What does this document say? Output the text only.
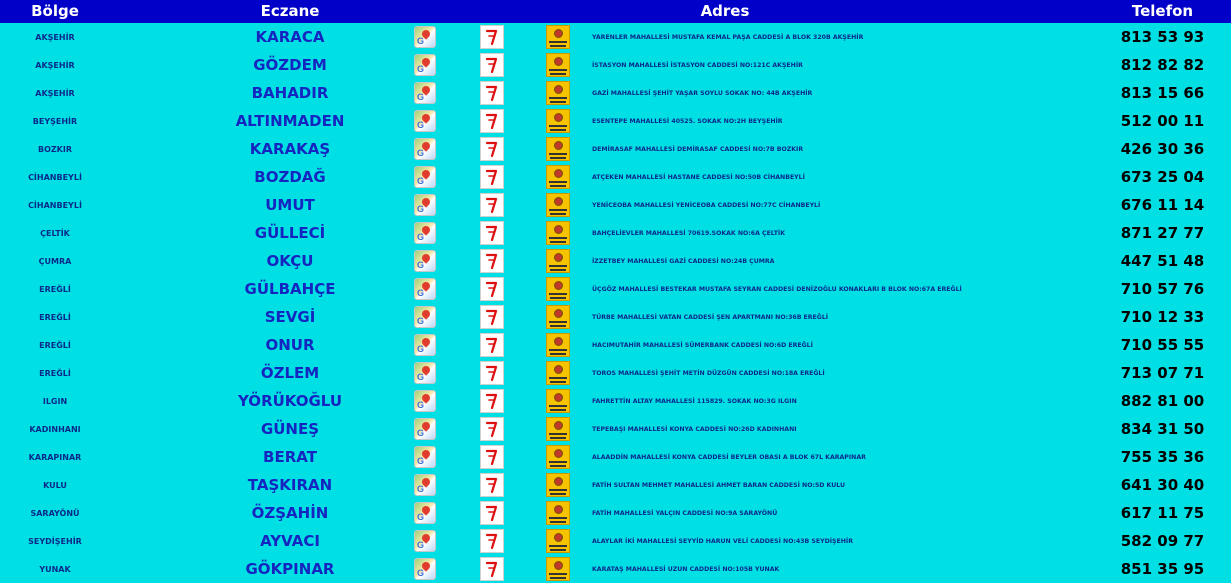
Bölge	Eczane	Adres	Telefon
AKŞEHİR	KARACA	G	YARENLER MAHALLESİ MUSTAFA KEMAL PAŞA CADDESİ A BLOK 320B AKŞEHİR	813 53 93
AKŞEHİR	GÖZDEM	G	İSTASYON MAHALLESİ İSTASYON CADDESİ NO:121C AKŞEHİR	812 82 82
AKŞEHİR	BAHADIR	G	GAZİ MAHALLESİ ŞEHİT YAŞAR SOYLU SOKAK NO: 44B AKŞEHİR	813 15 66
BEYŞEHİR	ALTINMADEN	G	ESENTEPE MAHALLESİ 40525. SOKAK NO:2H BEYŞEHİR	512 00 11
BOZKIR	KARAKAŞ	G	DEMİRASAF MAHALLESİ DEMİRASAF CADDESİ NO:7B BOZKIR	426 30 36
CİHANBEYLİ	BOZDAĞ	G	ATÇEKEN MAHALLESİ HASTANE CADDESİ NO:50B CİHANBEYLİ	673 25 04
CİHANBEYLİ	UMUT	G	YENİCEOBA MAHALLESİ YENİCEOBA CADDESİ NO:77C CİHANBEYLİ	676 11 14
ÇELTİK	GÜLLECİ	G	BAHÇELİEVLER MAHALLESİ 70619.SOKAK NO:6A ÇELTİK	871 27 77
ÇUMRA	OKÇU	G	İZZETBEY MAHALLESİ GAZİ CADDESİ NO:24B ÇUMRA	447 51 48
EREĞLİ	GÜLBAHÇE	G	ÜÇGÖZ MAHALLESİ BESTEKAR MUSTAFA SEYRAN CADDESİ DENİZOĞLU KONAKLARI B BLOK NO:67A EREĞLİ	710 57 76
EREĞLİ	SEVGİ	G	TÜRBE MAHALLESİ VATAN CADDESİ ŞEN APARTMANI NO:36B EREĞLİ	710 12 33
EREĞLİ	ONUR	G	HACIMUTAHİR MAHALLESİ SÜMERBANK CADDESİ NO:6D EREĞLİ	710 55 55
EREĞLİ	ÖZLEM	G	TOROS MAHALLESİ ŞEHİT METİN DÜZGÜN CADDESİ NO:18A EREĞLİ	713 07 71
ILGIN	YÖRÜKOĞLU	G	FAHRETTİN ALTAY MAHALLESİ 115829. SOKAK NO:3G ILGIN	882 81 00
KADINHANI	GÜNEŞ	G	TEPEBAŞI MAHALLESİ KONYA CADDESİ NO:26D KADINHANI	834 31 50
KARAPINAR	BERAT	G	ALAADDİN MAHALLESİ KONYA CADDESİ BEYLER OBASI A BLOK 67L KARAPINAR	755 35 36
KULU	TAŞKIRAN	G	FATİH SULTAN MEHMET MAHALLESİ AHMET BARAN CADDESİ NO:5D KULU	641 30 40
SARAYÖNÜ	ÖZŞAHİN	G	FATİH MAHALLESİ YALÇIN CADDESİ NO:9A SARAYÖNÜ	617 11 75
SEYDİŞEHİR	AYVACI	G	ALAYLAR İKİ MAHALLESİ SEYYİD HARUN VELİ CADDESİ NO:43B SEYDİŞEHİR	582 09 77
YUNAK	GÖKPINAR	G	KARATAŞ MAHALLESİ UZUN CADDESİ NO:105B YUNAK	851 35 95
